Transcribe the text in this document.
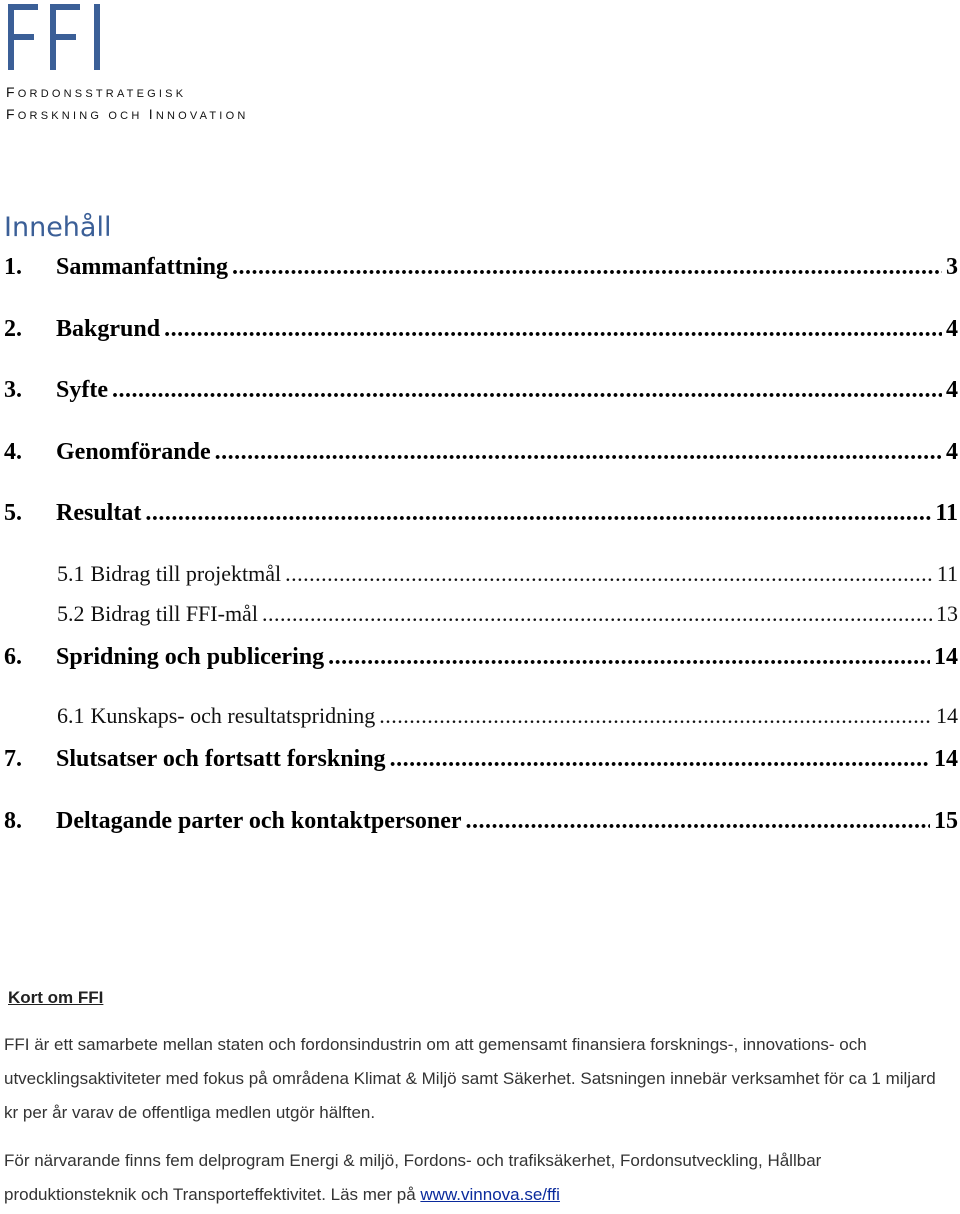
FORDONSSTRATEGISK
FORSKNING OCH INNOVATION
Innehåll
1.	Sammanfattning .....	3
2.	Bakgrund .....	4
3.	Syfte .....	4
4.	Genomförande .....	4
5.	Resultat .....	11
5.1 Bidrag till projektmål .....	11
5.2 Bidrag till FFI-mål .....	13
6.	Spridning och publicering .....	14
6.1 Kunskaps- och resultatspridning .....	14
7.	Slutsatser och fortsatt forskning .....	14
8.	Deltagande parter och kontaktpersoner .....	15

Kort om FFI

FFI är ett samarbete mellan staten och fordonsindustrin om att gemensamt finansiera forsknings-, innovations- och utvecklingsaktiviteter med fokus på områdena Klimat & Miljö samt Säkerhet. Satsningen innebär verksamhet för ca 1 miljard kr per år varav de offentliga medlen utgör hälften.

För närvarande finns fem delprogram Energi & miljö, Fordons- och trafiksäkerhet, Fordonsutveckling, Hållbar produktionsteknik och Transporteffektivitet. Läs mer på www.vinnova.se/ffi
